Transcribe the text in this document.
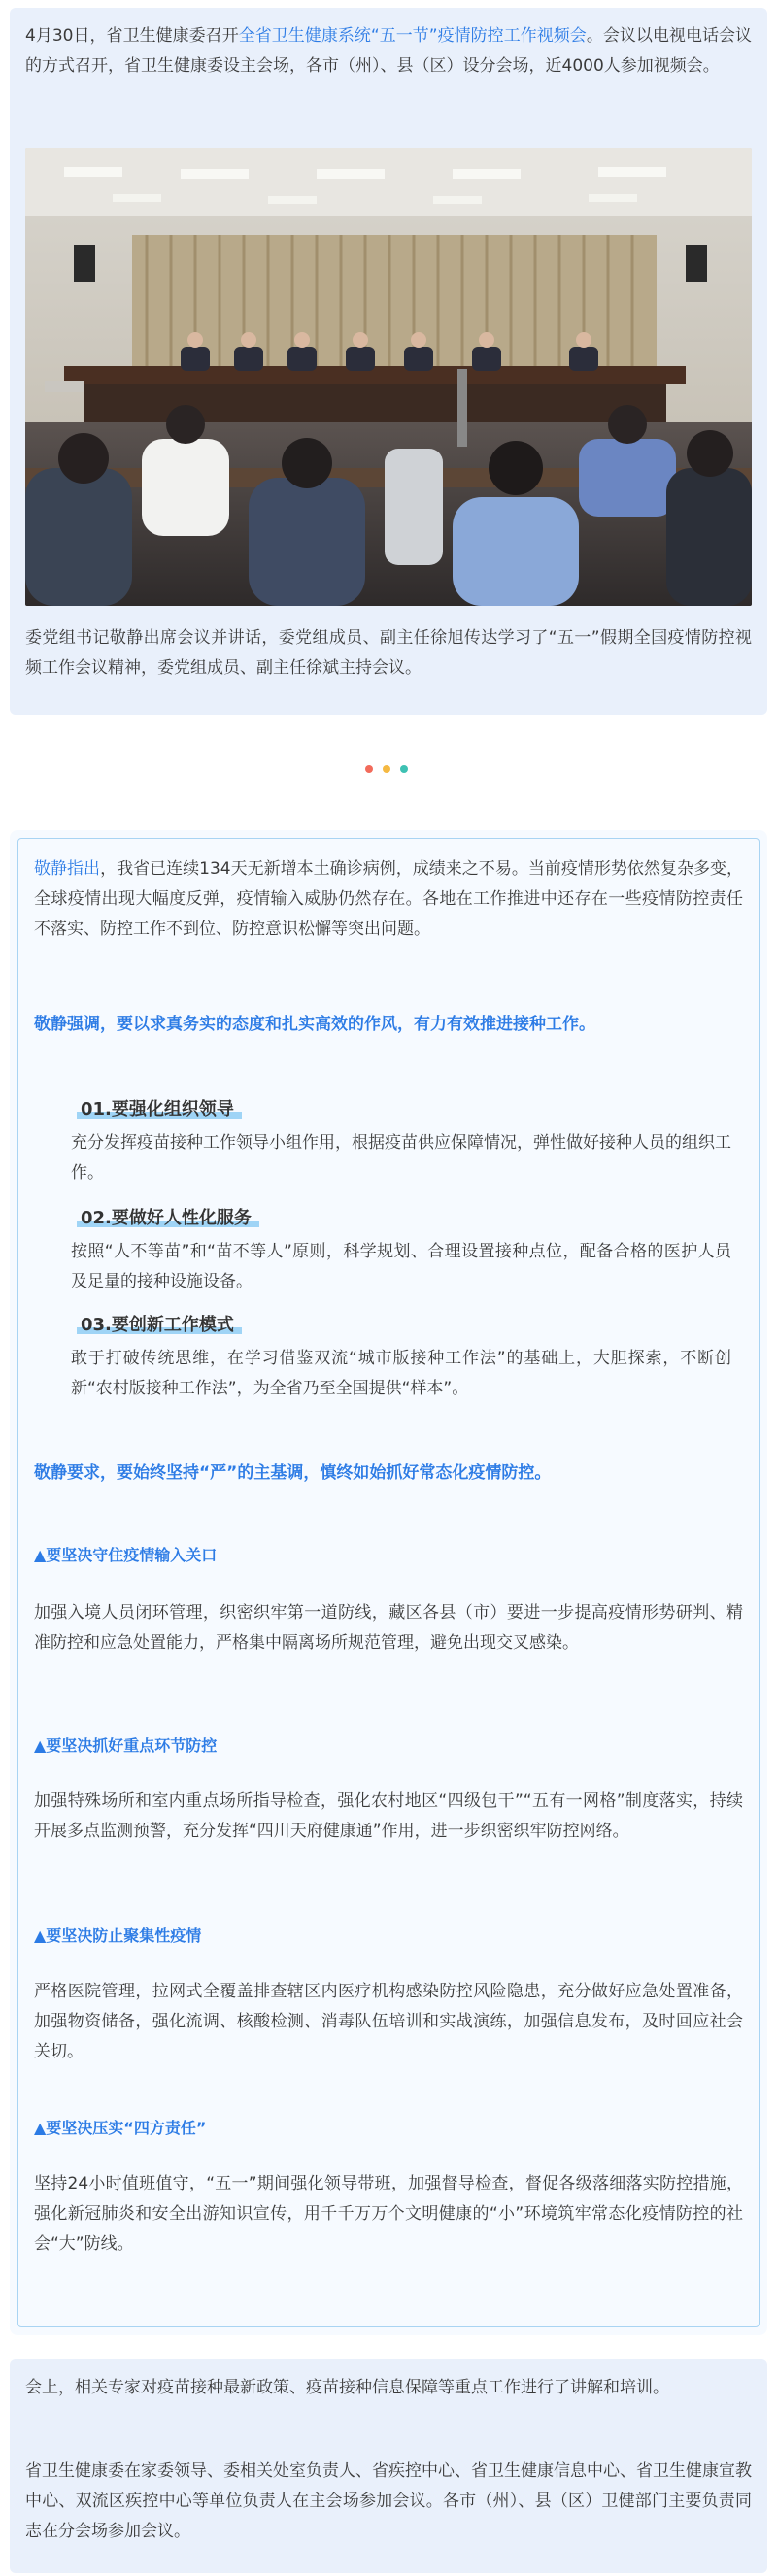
4月30日，省卫生健康委召开全省卫生健康系统“五一节”疫情防控工作视频会。会议以电视电话会议的方式召开，省卫生健康委设主会场，各市（州）、县（区）设分会场，近4000人参加视频会。

委党组书记敬静出席会议并讲话，委党组成员、副主任徐旭传达学习了“五一”假期全国疫情防控视频工作会议精神，委党组成员、副主任徐斌主持会议。

敬静指出，我省已连续134天无新增本土确诊病例，成绩来之不易。当前疫情形势依然复杂多变，全球疫情出现大幅度反弹，疫情输入威胁仍然存在。各地在工作推进中还存在一些疫情防控责任不落实、防控工作不到位、防控意识松懈等突出问题。

敬静强调，要以求真务实的态度和扎实高效的作风，有力有效推进接种工作。

01.要强化组织领导

充分发挥疫苗接种工作领导小组作用，根据疫苗供应保障情况，弹性做好接种人员的组织工作。

02.要做好人性化服务

按照“人不等苗”和“苗不等人”原则，科学规划、合理设置接种点位，配备合格的医护人员及足量的接种设施设备。

03.要创新工作模式

敢于打破传统思维，在学习借鉴双流“城市版接种工作法”的基础上，大胆探索，不断创新“农村版接种工作法”，为全省乃至全国提供“样本”。

敬静要求，要始终坚持“严”的主基调，慎终如始抓好常态化疫情防控。

▲要坚决守住疫情输入关口

加强入境人员闭环管理，织密织牢第一道防线，藏区各县（市）要进一步提高疫情形势研判、精准防控和应急处置能力，严格集中隔离场所规范管理，避免出现交叉感染。

▲要坚决抓好重点环节防控

加强特殊场所和室内重点场所指导检查，强化农村地区“四级包干”“五有一网格”制度落实，持续开展多点监测预警，充分发挥“四川天府健康通”作用，进一步织密织牢防控网络。

▲要坚决防止聚集性疫情

严格医院管理，拉网式全覆盖排查辖区内医疗机构感染防控风险隐患，充分做好应急处置准备，加强物资储备，强化流调、核酸检测、消毒队伍培训和实战演练，加强信息发布，及时回应社会关切。

▲要坚决压实“四方责任”

坚持24小时值班值守，“五一”期间强化领导带班，加强督导检查，督促各级落细落实防控措施，强化新冠肺炎和安全出游知识宣传，用千千万万个文明健康的“小”环境筑牢常态化疫情防控的社会“大”防线。

会上，相关专家对疫苗接种最新政策、疫苗接种信息保障等重点工作进行了讲解和培训。

省卫生健康委在家委领导、委相关处室负责人、省疾控中心、省卫生健康信息中心、省卫生健康宣教中心、双流区疾控中心等单位负责人在主会场参加会议。各市（州）、县（区）卫健部门主要负责同志在分会场参加会议。
